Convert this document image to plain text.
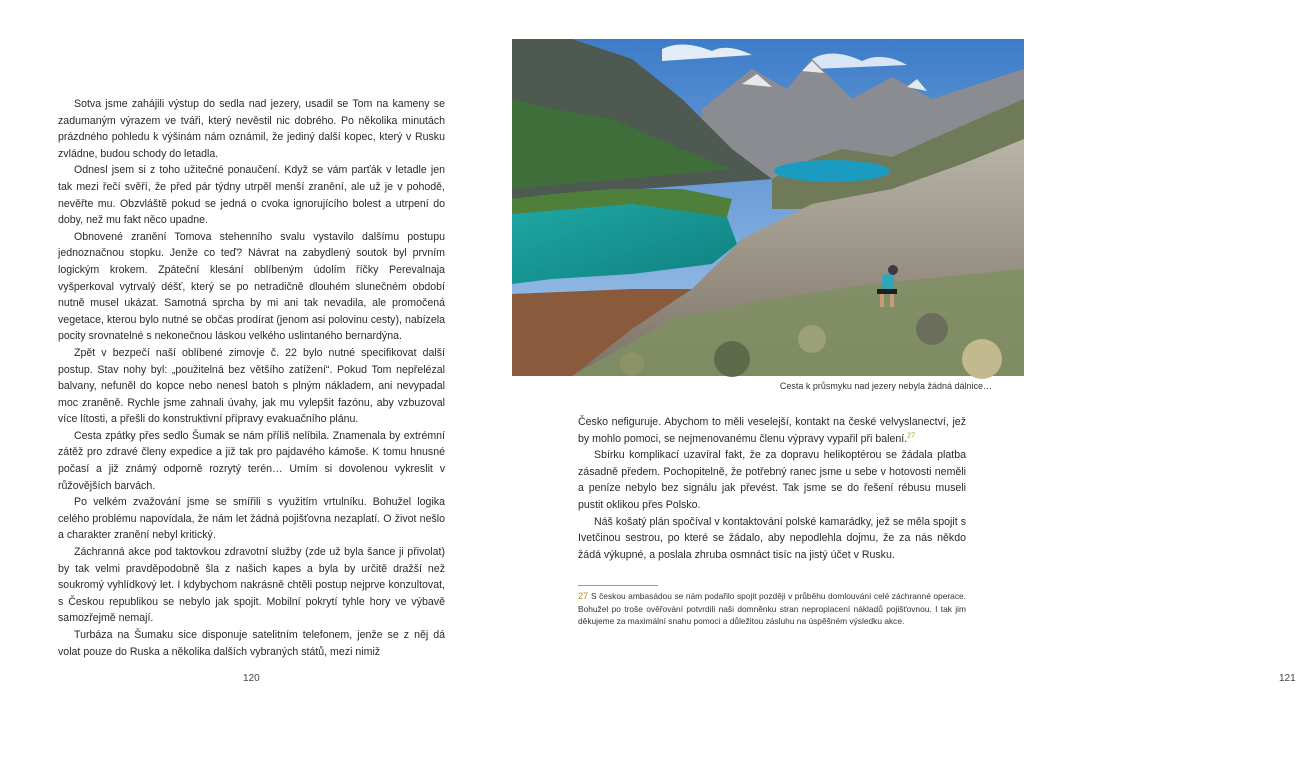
Sotva jsme zahájili výstup do sedla nad jezery, usadil se Tom na kameny se zadumaným výrazem ve tváři, který nevěstil nic dobrého. Po několika minutách prázdného pohledu k výšinám nám oznámil, že jediný další kopec, který v Rusku zvládne, budou schody do letadla.

Odnesl jsem si z toho užitečné ponaučení. Když se vám parťák v letadle jen tak mezi řečí svěří, že před pár týdny utrpěl menší zranění, ale už je v pohodě, nevěřte mu. Obzvláště pokud se jedná o cvoka ignorujícího bolest a utrpení do doby, než mu fakt něco upadne.

Obnovené zranění Tomova stehenního svalu vystavilo dalšímu postupu jednoznačnou stopku. Jenže co teď? Návrat na zabydlený soutok byl prvním logickým krokem. Zpáteční klesání oblíbeným údolím říčky Perevalnaja vyšperkoval vytrvalý déšť, který se po netradičně dlouhém slunečném období nutně musel ukázat. Samotná sprcha by mi ani tak nevadila, ale promočená vegetace, kterou bylo nutné se občas prodírat (jenom asi polovinu cesty), nabízela pocity srovnatelné s nekonečnou láskou velkého uslintaného bernardýna.

Zpět v bezpečí naší oblíbené zimovje č. 22 bylo nutné specifikovat další postup. Stav nohy byl: „použitelná bez většího zatížení“. Pokud Tom nepřelézal balvany, nefuněl do kopce nebo nenesl batoh s plným nákladem, ani nevypadal moc zraněně. Rychle jsme zahnali úvahy, jak mu vylepšit fazónu, aby vzbuzoval více lítosti, a přešli do konstruktivní přípravy evakuačního plánu.

Cesta zpátky přes sedlo Šumak se nám příliš nelíbila. Znamenala by extrémní zátěž pro zdravé členy expedice a již tak pro pajdavého kámoše. K tomu hnusné počasí a již známý odporně rozrytý terén… Umím si dovolenou vykreslit v růžovějších barvách.

Po velkém zvažování jsme se smířili s využitím vrtulníku. Bohužel logika celého problému napovídala, že nám let žádná pojišťovna nezaplatí. O život nešlo a charakter zranění nebyl kritický.

Záchranná akce pod taktovkou zdravotní služby (zde už byla šance ji přivolat) by tak velmi pravděpodobně šla z našich kapes a byla by určitě dražší než soukromý vyhlídkový let. I kdybychom nakrásně chtěli postup nejprve konzultovat, s Českou republikou se nebylo jak spojit. Mobilní pokrytí tyhle hory ve výbavě samozřejmě nemají.

Turbáza na Šumaku sice disponuje satelitním telefonem, jenže se z něj dá volat pouze do Ruska a několika dalších vybraných států, mezi nimiž

120
Cesta k průsmyku nad jezery nebyla žádná dálnice…

Česko nefiguruje. Abychom to měli veselejší, kontakt na české velvyslanectví, jež by mohlo pomoci, se nejmenovanému členu výpravy vypařil při balení.$^{27}$

Sbírku komplikací uzavíral fakt, že za dopravu helikoptérou se žádala platba zásadně předem. Pochopitelně, že potřebný ranec jsme u sebe v hotovosti neměli a peníze nebylo bez signálu jak převést. Tak jsme se do řešení rébusu museli pustit oklikou přes Polsko.

Náš košatý plán spočíval v kontaktování polské kamarádky, jež se měla spojit s Ivetčinou sestrou, po které se žádalo, aby nepodlehla dojmu, že za nás někdo žádá výkupné, a poslala zhruba osmnáct tisíc na jistý účet v Rusku.

27 S českou ambasádou se nám podařilo spojit později v průběhu domlouvání celé záchranné operace. Bohužel po troše ověřování potvrdili naši domněnku stran neproplacení nákladů pojišťovnou. I tak jim děkujeme za maximální snahu pomoci a důležitou zásluhu na úspěšném výsledku akce.
121
